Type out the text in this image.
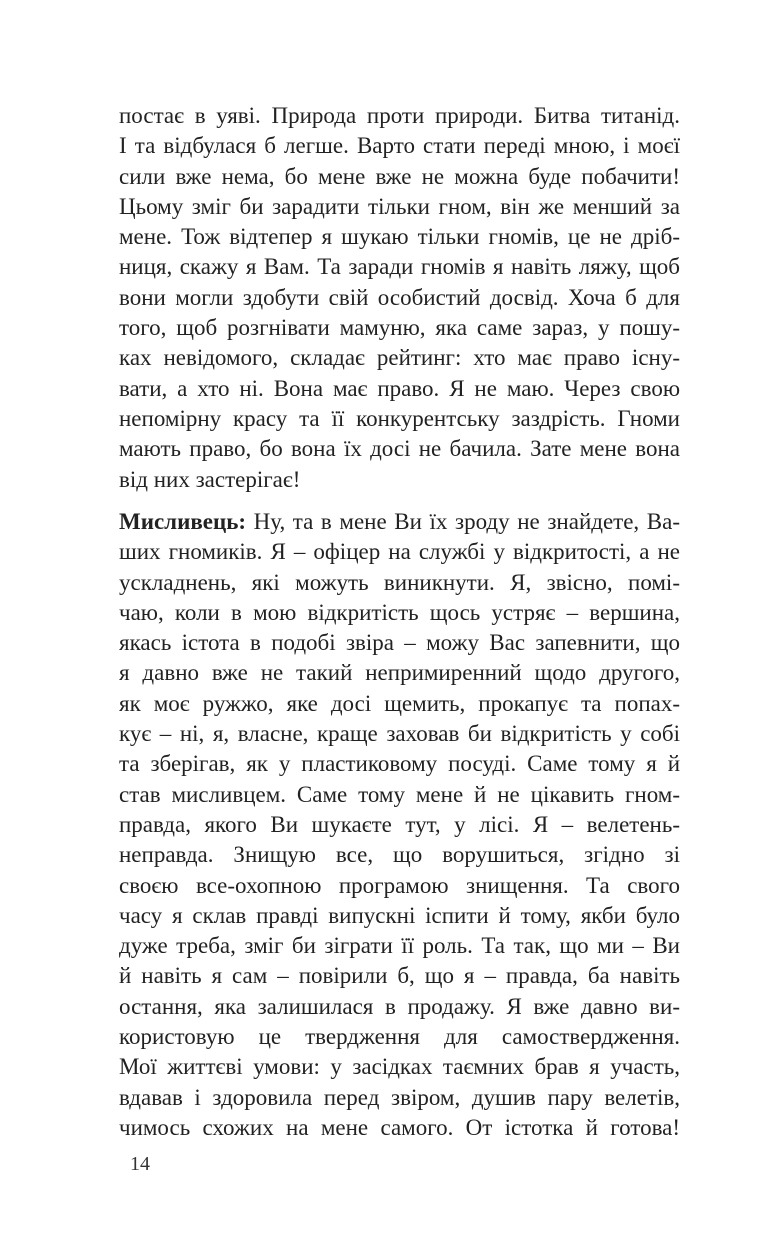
постає в уяві. Природа проти природи. Битва титанід.
І та відбулася б легше. Варто стати переді мною, і моєї
сили вже нема, бо мене вже не можна буде побачити!
Цьому зміг би зарадити тільки гном, він же менший за
мене. Тож відтепер я шукаю тільки гномів, це не дріб-
ниця, скажу я Вам. Та заради гномів я навіть ляжу, щоб
вони могли здобути свій особистий досвід. Хоча б для
того, щоб розгнівати мамуню, яка саме зараз, у пошу-
ках невідомого, складає рейтинг: хто має право існу-
вати, а хто ні. Вона має право. Я не маю. Через свою
непомірну красу та її конкурентську заздрість. Гноми
мають право, бо вона їх досі не бачила. Зате мене вона
від них застерігає!
Мисливець: Ну, та в мене Ви їх зроду не знайдете, Ва-
ших гномиків. Я – офіцер на службі у відкритості, а не
ускладнень, які можуть виникнути. Я, звісно, помі-
чаю, коли в мою відкритість щось устряє – вершина,
якась істота в подобі звіра – можу Вас запевнити, що
я давно вже не такий непримиренний щодо другого,
як моє ружжо, яке досі щемить, прокапує та попах-
кує – ні, я, власне, краще заховав би відкритість у собі
та зберігав, як у пластиковому посуді. Саме тому я й
став мисливцем. Саме тому мене й не цікавить гном-
правда, якого Ви шукаєте тут, у лісі. Я – велетень-
неправда. Знищую все, що ворушиться, згідно зі
своєю все-охопною програмою знищення. Та свого
часу я склав правді випускні іспити й тому, якби було
дуже треба, зміг би зіграти її роль. Та так, що ми – Ви
й навіть я сам – повірили б, що я – правда, ба навіть
остання, яка залишилася в продажу. Я вже давно ви-
користовую це твердження для самоствердження.
Мої життєві умови: у засідках таємних брав я участь,
вдавав і здоровила перед звіром, душив пару велетів,
чимось схожих на мене самого. От істотка й готова!
14
